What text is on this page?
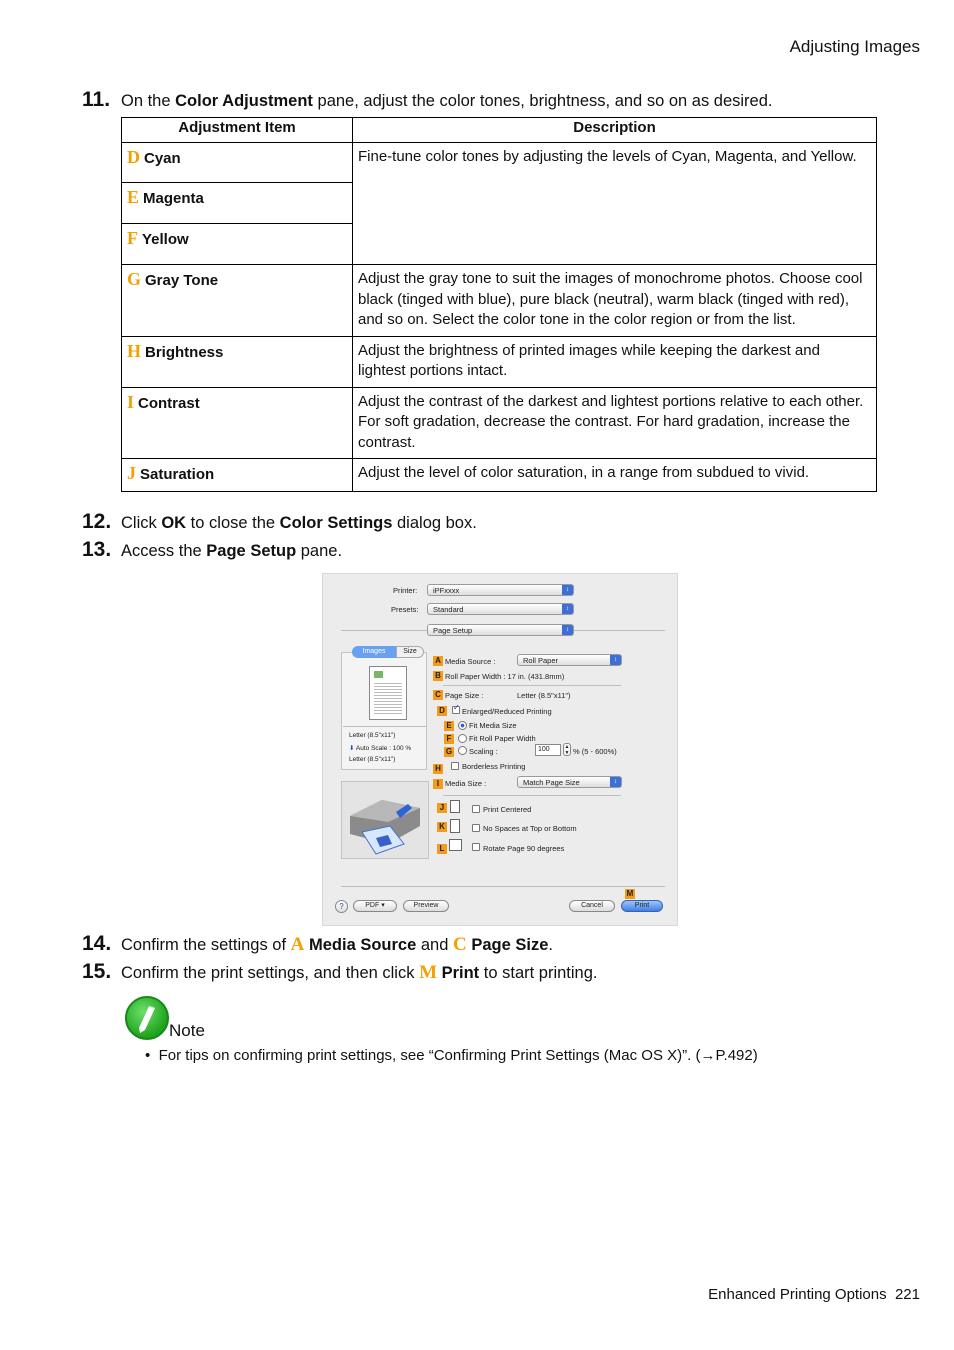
Adjusting Images
11. On the Color Adjustment pane, adjust the color tones, brightness, and so on as desired.
Adjustment Item	Description
D Cyan	Fine-tune color tones by adjusting the levels of Cyan, Magenta, and Yellow.
E Magenta	
F Yellow	
G Gray Tone	Adjust the gray tone to suit the images of monochrome photos. Choose cool black (tinged with blue), pure black (neutral), warm black (tinged with red), and so on. Select the color tone in the color region or from the list.
H Brightness	Adjust the brightness of printed images while keeping the darkest and lightest portions intact.
I Contrast	Adjust the contrast of the darkest and lightest portions relative to each other.
For soft gradation, decrease the contrast. For hard gradation, increase the contrast.

J Saturation	Adjust the level of color saturation, in a range from subdued to vivid.
12. Click OK to close the Color Settings dialog box.
13. Access the Page Setup pane.
Printer:	iPFxxxx	↕
Presets:	Standard	↕
Page Setup	↕
Images	Size
Letter (8.5"x11")
⬇ Auto Scale : 100 %
Letter (8.5"x11")
A Media Source :	Roll Paper	↕
B Roll Paper Width : 17 in. (431.8mm)
C Page Size :	Letter (8.5"x11")
D ✓ Enlarged/Reduced Printing
E	Fit Media Size
F	Fit Roll Paper Width
G Scaling :	100	▲
▼ % (5 - 600%)
Borderless Printing
H
I Media Size :	Match Page Size	↕
J	Print Centered
K	No Spaces at Top or Bottom
L	Rotate Page 90 degrees
?	PDF ▾	Preview	Cancel
M
Print
14. Confirm the settings of A Media Source and C Page Size.
15. Confirm the print settings, and then click M Print to start printing.
Note
• For tips on confirming print settings, see “Confirming Print Settings (Mac OS X)”. (→P.492)
Enhanced Printing Options 221
